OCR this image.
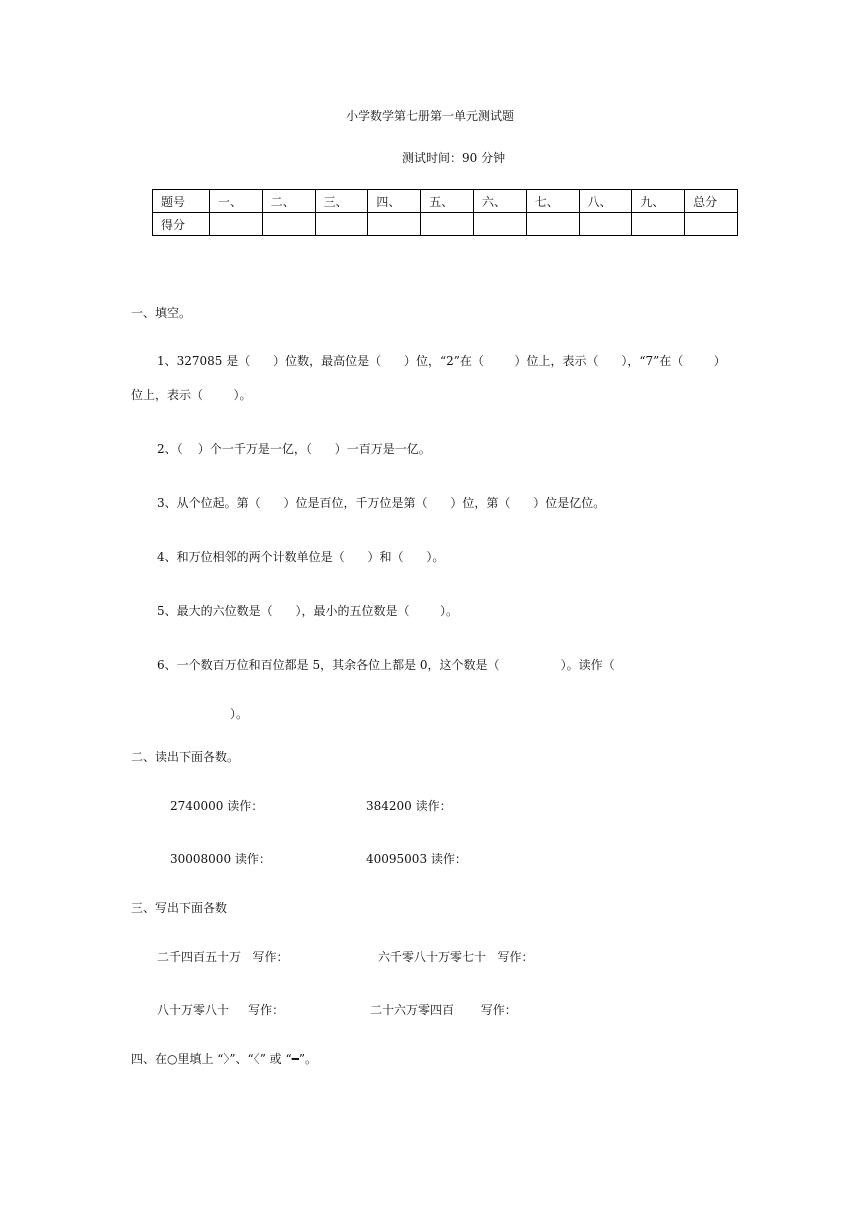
小学数学第七册第一单元测试题
测试时间：90 分钟
题号	一、	二、	三、	四、	五、	六、	七、	八、	九、	总分
得分										
一、填空。
1、327085 是（      ）位数，最高位是（      ）位，“2”在（        ）位上，表示（      ），“7”在（        ）
位上，表示（        ）。
2、（    ）个一千万是一亿，（      ）一百万是一亿。
3、从个位起。第（      ）位是百位，千万位是第（      ）位，第（      ）位是亿位。
4、和万位相邻的两个计数单位是（      ）和（      ）。
5、最大的六位数是（      ），最小的五位数是（        ）。
6、一个数百万位和百位都是 5，其余各位上都是 0，这个数是（                ）。读作（
）。
二、读出下面各数。
2740000 读作：	384200 读作：
30008000 读作：	40095003 读作：
三、写出下面各数
二千四百五十万   写作：	六千零八十万零七十   写作：
八十万零八十     写作：	二十六万零四百       写作：
四、在○里填上 “〉”、“〈” 或 “━”。
